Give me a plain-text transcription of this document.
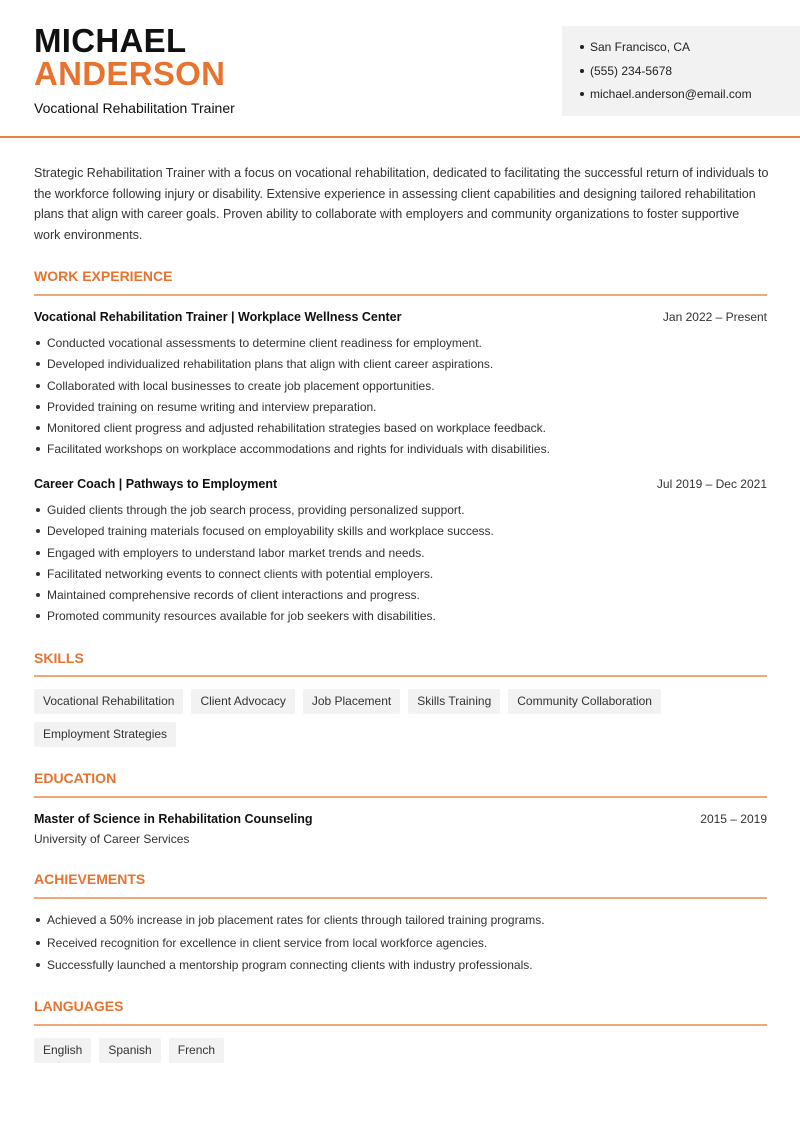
MICHAEL
ANDERSON
Vocational Rehabilitation Trainer
San Francisco, CA
(555) 234-5678
michael.anderson@email.com

Strategic Rehabilitation Trainer with a focus on vocational rehabilitation, dedicated to facilitating the successful return of individuals to the workforce following injury or disability. Extensive experience in assessing client capabilities and designing tailored rehabilitation plans that align with career goals. Proven ability to collaborate with employers and community organizations to foster supportive work environments.

WORK EXPERIENCE
Vocational Rehabilitation Trainer | Workplace Wellness Center	Jan 2022 – Present
Conducted vocational assessments to determine client readiness for employment.
Developed individualized rehabilitation plans that align with client career aspirations.
Collaborated with local businesses to create job placement opportunities.
Provided training on resume writing and interview preparation.
Monitored client progress and adjusted rehabilitation strategies based on workplace feedback.
Facilitated workshops on workplace accommodations and rights for individuals with disabilities.
Career Coach | Pathways to Employment	Jul 2019 – Dec 2021
Guided clients through the job search process, providing personalized support.
Developed training materials focused on employability skills and workplace success.
Engaged with employers to understand labor market trends and needs.
Facilitated networking events to connect clients with potential employers.
Maintained comprehensive records of client interactions and progress.
Promoted community resources available for job seekers with disabilities.
SKILLS
Vocational Rehabilitation	Client Advocacy	Job Placement	Skills Training	Community Collaboration
Employment Strategies
EDUCATION
Master of Science in Rehabilitation Counseling	2015 – 2019
University of Career Services
ACHIEVEMENTS
Achieved a 50% increase in job placement rates for clients through tailored training programs.
Received recognition for excellence in client service from local workforce agencies.
Successfully launched a mentorship program connecting clients with industry professionals.
LANGUAGES
English	Spanish	French
